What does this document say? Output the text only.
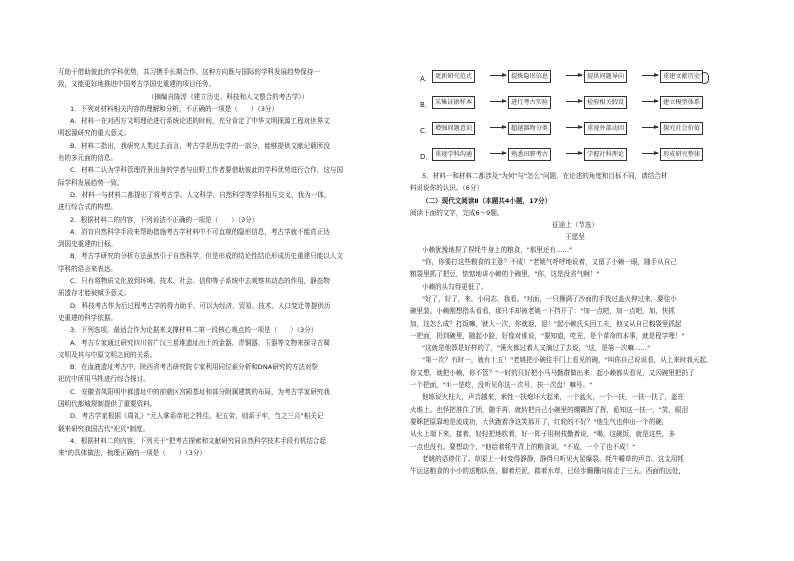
互助于借助彼此的学科优势，共习携手长期合作。这种方向既与国际的学科发展趋势保持一

致，又能更好地推进中国考古学国史重建的项目任务。

（摘编自陈淳《建立历史、科技和人文整合的考古学》）

1．下列对材料相关内容的理解和分析，不正确的一项是（　　）（3分）

A．材料一在对西方文明理论进行系统论述的时间，充分肯定了中华文明探源工程对世界文

明起源研究的重大意义。

B．材料二指出，我研究人类过去而言，考古学是历史学的一部分，能够提供文献记载所没

有的多元面的信息。

C．材料二认为学科管理背景出身的学者与田野工作者要借助彼此的学科优势进行合作，这与国

际学科发展趋势一致。

D．材料一与材料二都提出了将考古学、人文科学、自然科学等学科相互交叉，我为一体，

进行综合式的构想。

2．根据材料二的内容，下列说法不正确的一项是（　　）（3分）

A．浴盲自然科学手段来帮助措施考古学材料中不可直观的隐形信息，考古学就不能真正达

到国史重建的目标。

B．考古学研究的分析方法虽然引于自然科学，但是形成的结论性结论形成历史重建只能以人文

学科的语言来表达。

C．只有将物质文化放到环境、技术、社会、信仰等子系统中去观察其动态的作用，静态物

质遗存才能被赋予意义。

D．科技考古作为后过程考古学的得力助手，可以为经济、贸易、技术、人口变迁等提供历

史重建的科学依据。

3．下列选项，最适合作为论据来支撑材料二第一段核心观点的一项是（　　）（3分）

A．考古专家通过研究四川省广汉三星堆遗址出土的金器、青铜器、玉器等文物来探寻古蜀

文明及其与中原文明之间的关系。

B．在血液遗址考古中，陕西省考古研究院专家利用同位素分析和DNA研究的方法对祭

祀坑中所用马牲进行综合探讨。

C．安徽省凤阳明中都遗址中的前朝区宫殿基址和部分附属建筑的布局，为考古学家研究我

国明代都城规制提供了重要资料。

D．考古学家根据《周礼》"元人掌系帝祀之牲往。祀五帝，则系于牢，刍之三月"相关记

载来研究我国古代"祀贝"制度。

4．根据材料二的内容，下列关于"把考古探索和文献研究同自然科学技术手段有机结合起

来"的具体做法，梳理正确的一项是（　　）（3分）

A． 更新研究范式	提炼隐形信息	提供问题导向	重建文献历史
B． 采集证据样本	进行考古实验	检验相关假设	建立模型体系
C． 增强问题意识	超越器物分类	重视外部动因	探究社会价值
D． 重视学科沟通	熟悉田野考古	学握社科理论	形成研究整体

5．材料一和材料二都涉及"为何"与"怎么"问题，在论述的角度和目标不同，请结合材

料说说你的认识。（6分）

（二）现代文阅读Ⅱ（本题共4小题，17分）

阅读下面的文字，完成6～9题。

征途上（节选）

王愿坚

小赖犹豫地捏了捏牦牛身上的粮食，"那里还有……"

"你，你要打这些粮食的主意？不成！"老姚气呼呼地说着，又留了小赖一眼，随手从自己

粮袋里抓了把豆，惦惦地讲小赖的个碗里，"你，这是没省气啊！"

小赖的头勾得更低了。

"好了，好了，来，小同志，我看。"对面，一只操满了沙面的手找过盖火伸过来，要往小

碗里装。小赖刚想指头看看，那只手却被老姚一下挡开了："加一点吧，加一点吧，加，快抓

加，这怎么成？打饭嘛，就人一次，你就退，退！"起小赖氏头回工夫，他又从自己粮袋里抓起

一把面，扔到碗里，随起小脸，好像对谁说，"要知道，吃光，是个革命的本事，就是程学哩！"

"这就是他算是好样的了，"箦火都过着人又滴过了去说，"这，是第一次嘛……"

"第一次？有时一，就有十五！"老姚把小碗往手门上看见的碗，"叫你自己说说看，从上来时我天起，

你又想，就把小赖，你不管？"一时的只好把小马马勤群做出来：起小赖都头看见，又闪碗里把扔了

一个把面，"①一是吃，没听见你这一次号，扶一次盘！嘛号。"

他练说火柱大，声音越来，索性一扶炮坏大起来，一个盆火，一个一扶，一扶一扶了，盖在

火堆上。也怪把准住了团，随手再，就转把自己小碗里的棚糊挥了挥，诡知这一扶一，"笑，眼泪

要眯把原靠地是流成功，大伙跑着净这笑那开了，红轮的不好？"他生气也伸出一个的碗，

从火上端下来，接着，轻轻把地吹着，好一阵子用树枝勤着说，"喝，这碗饭，就是这些，多

一点也没有。要想动个，"他给着牦牛背上的粮食说，"不成，一个了也不成！"

老姚的语停住了。草原上一时变得静静，静得只听见火星爆裂、牦牛嚼草的声音。这支用牦

牛运送粮食的小小的送粮队伍，脚着烂泥，踏着水草，已经步跚跚向前走了三天。西面的远处，
